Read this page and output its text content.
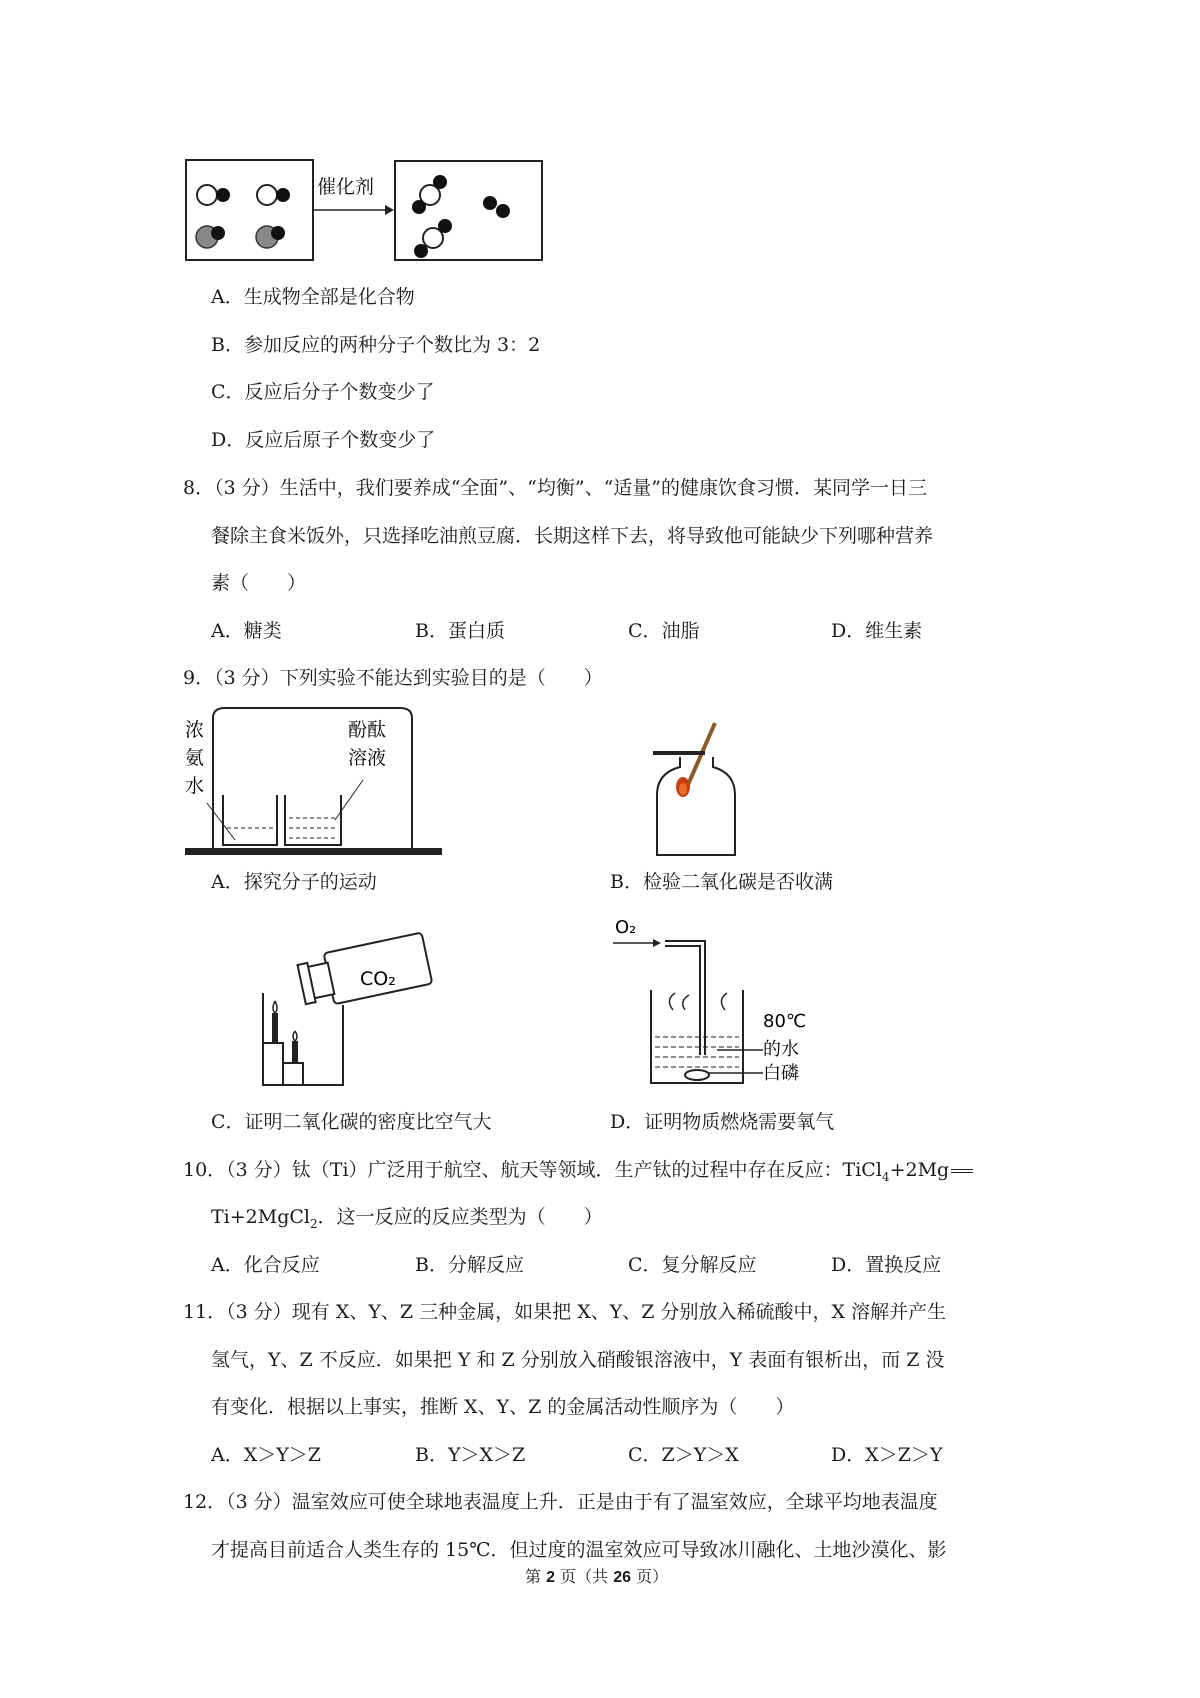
催化剂
A．生成物全部是化合物
B．参加反应的两种分子个数比为 3：2
C．反应后分子个数变少了
D．反应后原子个数变少了
8．（3 分）生活中，我们要养成“全面”、“均衡”、“适量”的健康饮食习惯．某同学一日三
餐除主食米饭外，只选择吃油煎豆腐．长期这样下去，将导致他可能缺少下列哪种营养
素（　　）
A．糖类	B．蛋白质	C．油脂	D．维生素
9．（3 分）下列实验不能达到实验目的是（　　）
浓
氨
水
酚酞
溶液
A．探究分子的运动	B．检验二氧化碳是否收满
CO₂
O₂
80℃
的水
白磷
C．证明二氧化碳的密度比空气大	D．证明物质燃烧需要氧气
10．（3 分）钛（Ti）广泛用于航空、航天等领域．生产钛的过程中存在反应：TiCl$_4$+2Mg
Ti+2MgCl$_2$．这一反应的反应类型为（　　）
A．化合反应	B．分解反应	C．复分解反应	D．置换反应
11．（3 分）现有 X、Y、Z 三种金属，如果把 X、Y、Z 分别放入稀硫酸中，X 溶解并产生
氢气，Y、Z 不反应．如果把 Y 和 Z 分别放入硝酸银溶液中，Y 表面有银析出，而 Z 没
有变化．根据以上事实，推断 X、Y、Z 的金属活动性顺序为（　　）
A．X＞Y＞Z	B．Y＞X＞Z	C．Z＞Y＞X	D．X＞Z＞Y
12．（3 分）温室效应可使全球地表温度上升．正是由于有了温室效应，全球平均地表温度
才提高目前适合人类生存的 15℃．但过度的温室效应可导致冰川融化、土地沙漠化、影
第 2 页（共 26 页）
